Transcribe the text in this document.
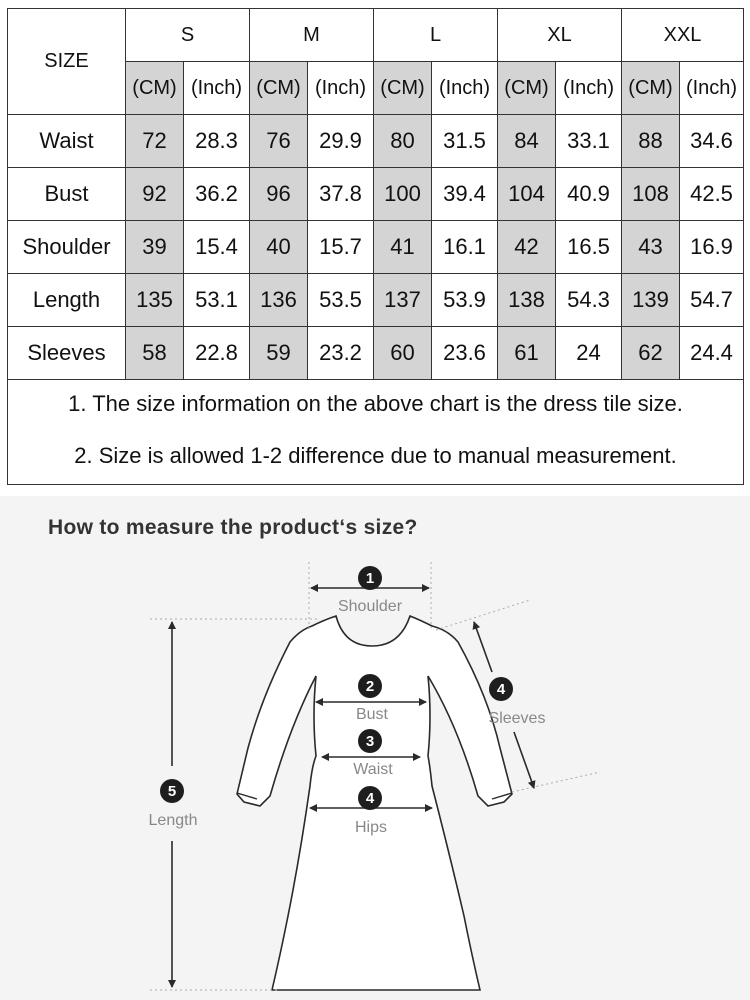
SIZE	S		M		L		XL		XXL	
	(CM)	(Inch)	(CM)	(Inch)	(CM)	(Inch)	(CM)	(Inch)	(CM)	(Inch)
Waist	72	28.3	76	29.9	80	31.5	84	33.1	88	34.6
Bust	92	36.2	96	37.8	100	39.4	104	40.9	108	42.5
Shoulder	39	15.4	40	15.7	41	16.1	42	16.5	43	16.9
Length	135	53.1	136	53.5	137	53.9	138	54.3	139	54.7
Sleeves	58	22.8	59	23.2	60	23.6	61	24	62	24.4

1. The size information on the above chart is the dress tile size.
2. Size is allowed 1-2 difference due to manual measurement.										
How to measure the product‘s size?
1
2
3
4
4
5
Shoulder
Bust
Waist
Hips
Sleeves
Length
